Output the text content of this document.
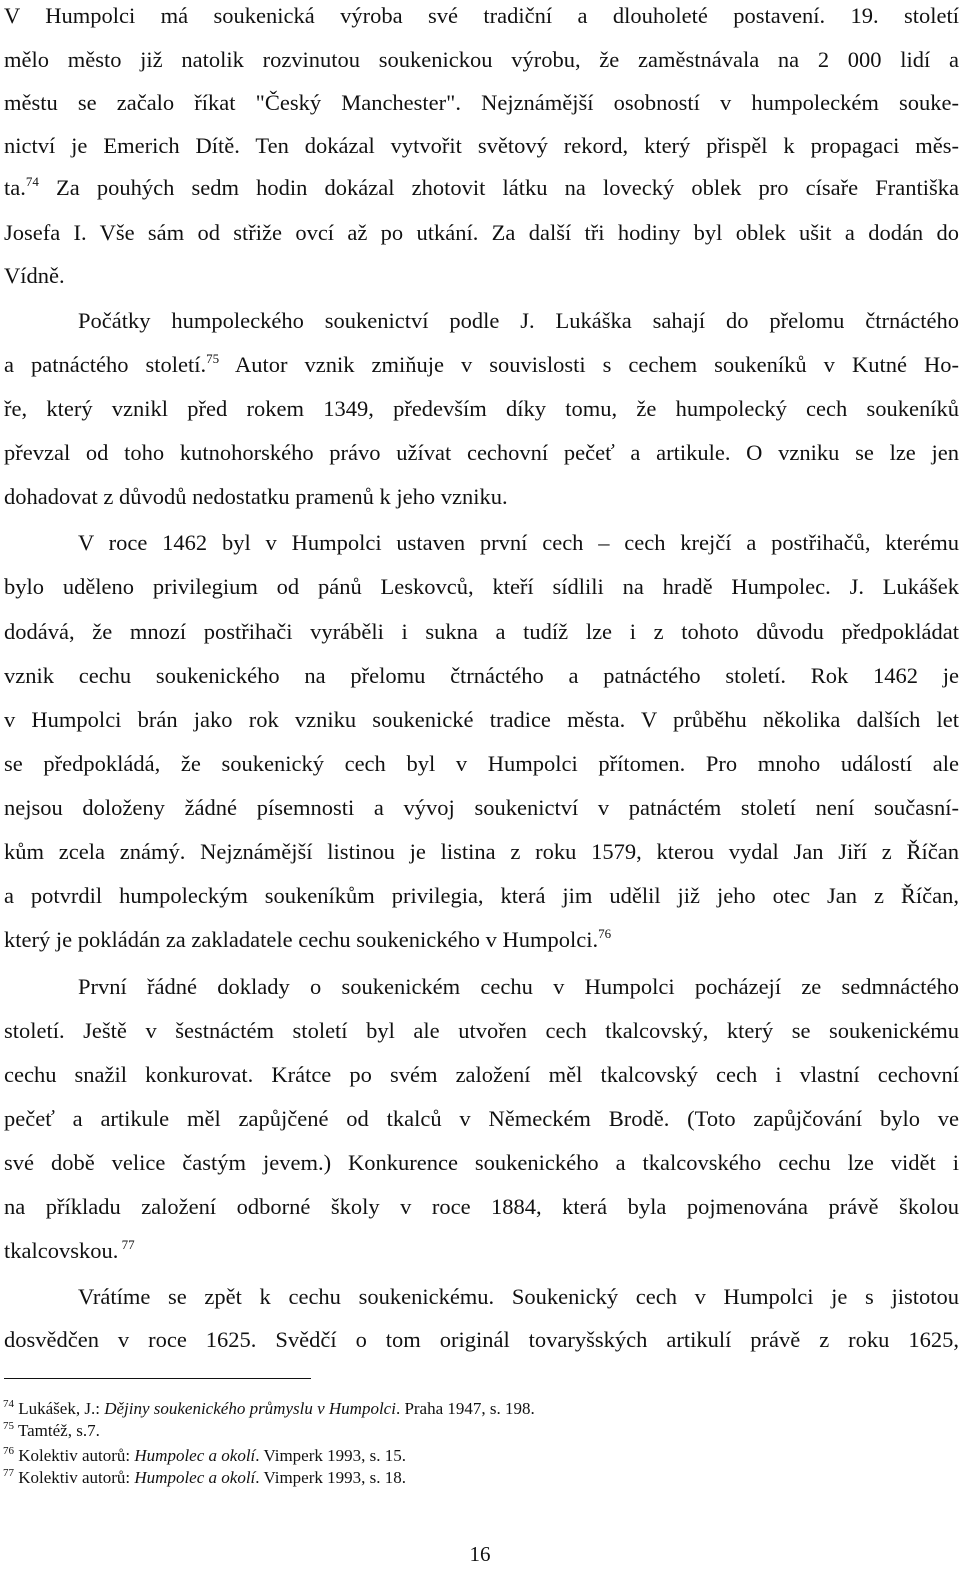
V Humpolci má soukenická výroba své tradiční a dlouholeté postavení. 19. století
mělo město již natolik rozvinutou soukenickou výrobu, že zaměstnávala na 2 000 lidí a
městu se začalo říkat "Český Manchester". Nejznámější osobností v humpoleckém souke-
nictví je Emerich Dítě. Ten dokázal vytvořit světový rekord, který přispěl k propagaci měs-
ta.$^{74}$ Za pouhých sedm hodin dokázal zhotovit látku na lovecký oblek pro císaře Františka
Josefa I. Vše sám od střiže ovcí až po utkání. Za další tři hodiny byl oblek ušit a dodán do
Vídně.
Počátky humpoleckého soukenictví podle J. Lukáška sahají do přelomu čtrnáctého
a patnáctého století.$^{75}$ Autor vznik zmiňuje v souvislosti s cechem soukeníků v Kutné Ho-
ře, který vznikl před rokem 1349, především díky tomu, že humpolecký cech soukeníků
převzal od toho kutnohorského právo užívat cechovní pečeť a artikule. O vzniku se lze jen
dohadovat z důvodů nedostatku pramenů k jeho vzniku.
V roce 1462 byl v Humpolci ustaven první cech – cech krejčí a postřihačů, kterému
bylo uděleno privilegium od pánů Leskovců, kteří sídlili na hradě Humpolec. J. Lukášek
dodává, že mnozí postřihači vyráběli i sukna a tudíž lze i z tohoto důvodu předpokládat
vznik cechu soukenického na přelomu čtrnáctého a patnáctého století. Rok 1462 je
v Humpolci brán jako rok vzniku soukenické tradice města. V průběhu několika dalších let
se předpokládá, že soukenický cech byl v Humpolci přítomen. Pro mnoho událostí ale
nejsou doloženy žádné písemnosti a vývoj soukenictví v patnáctém století není současní-
kům zcela známý. Nejznámější listinou je listina z roku 1579, kterou vydal Jan Jiří z Říčan
a potvrdil humpoleckým soukeníkům privilegia, která jim udělil již jeho otec Jan z Říčan,
který je pokládán za zakladatele cechu soukenického v Humpolci.$^{76}$
První řádné doklady o soukenickém cechu v Humpolci pocházejí ze sedmnáctého
století. Ještě v šestnáctém století byl ale utvořen cech tkalcovský, který se soukenickému
cechu snažil konkurovat. Krátce po svém založení měl tkalcovský cech i vlastní cechovní
pečeť a artikule měl zapůjčené od tkalců v Německém Brodě. (Toto zapůjčování bylo ve
své době velice častým jevem.) Konkurence soukenického a tkalcovského cechu lze vidět i
na příkladu založení odborné školy v roce 1884, která byla pojmenována právě školou
tkalcovskou. $^{77}$
Vrátíme se zpět k cechu soukenickému. Soukenický cech v Humpolci je s jistotou
dosvědčen v roce 1625. Svědčí o tom originál tovaryšských artikulí právě z roku 1625,
$^{74}$ Lukášek, J.: Dějiny soukenického průmyslu v Humpolci. Praha 1947, s. 198.
$^{75}$ Tamtéž, s.7.
$^{76}$ Kolektiv autorů: Humpolec a okolí. Vimperk 1993, s. 15.
$^{77}$ Kolektiv autorů: Humpolec a okolí. Vimperk 1993, s. 18.
16
